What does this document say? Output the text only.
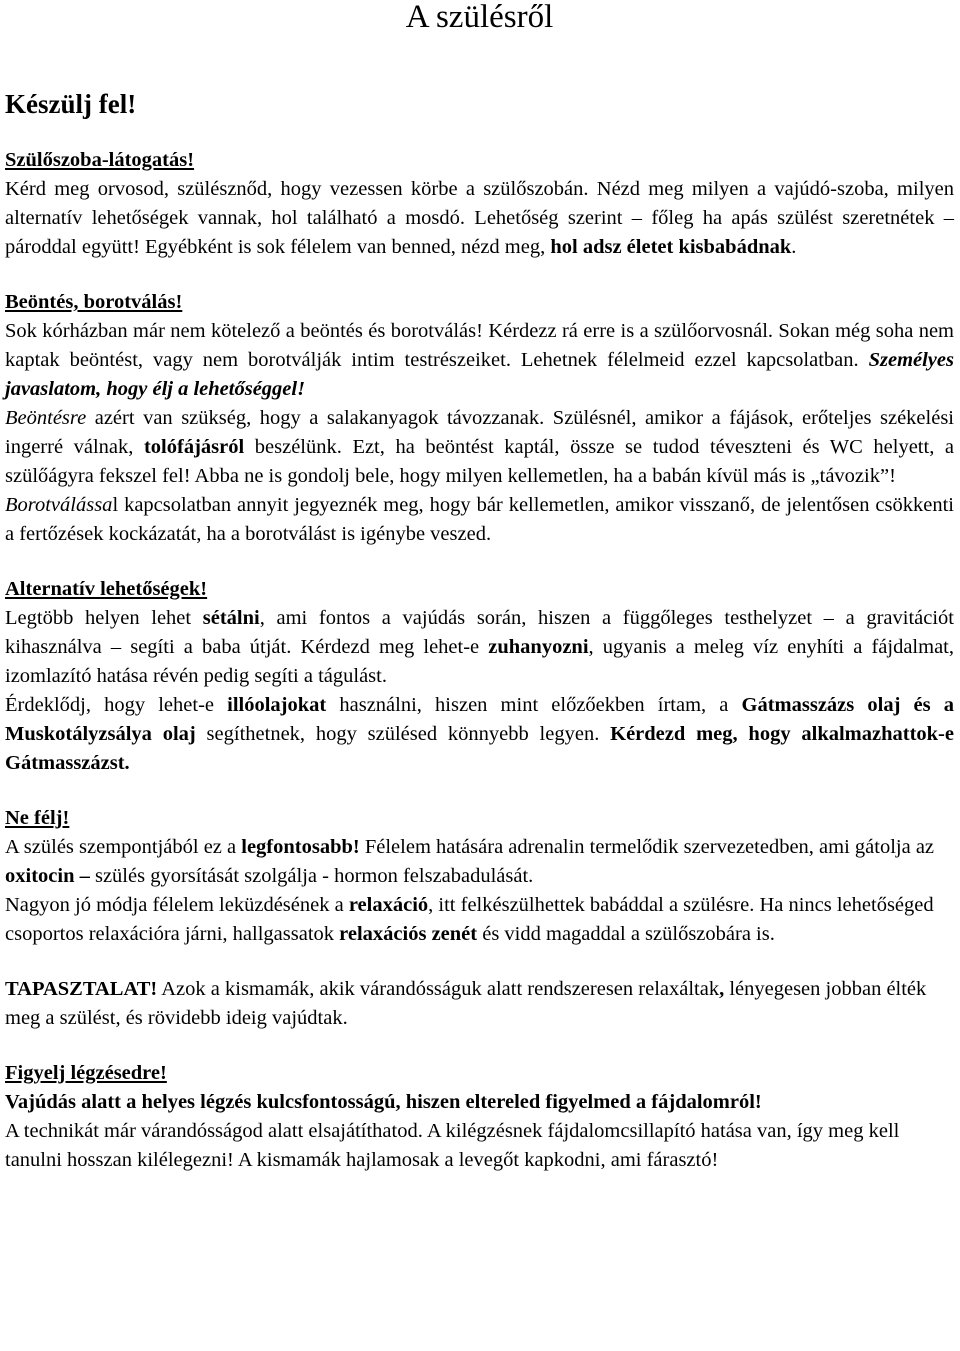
A szülésről
Készülj fel!
Szülőszoba-látogatás!

Kérd meg orvosod, szülésznőd, hogy vezessen körbe a szülőszobán. Nézd meg milyen a vajúdó-szoba, milyen alternatív lehetőségek vannak, hol található a mosdó. Lehetőség szerint – főleg ha apás szülést szeretnétek – pároddal együtt! Egyébként is sok félelem van benned, nézd meg, hol adsz életet kisbabádnak.

Beöntés, borotválás!

Sok kórházban már nem kötelező a beöntés és borotválás! Kérdezz rá erre is a szülőorvosnál. Sokan még soha nem kaptak beöntést, vagy nem borotválják intim testrészeiket. Lehetnek félelmeid ezzel kapcsolatban. Személyes javaslatom, hogy élj a lehetőséggel!

Beöntésre azért van szükség, hogy a salakanyagok távozzanak. Szülésnél, amikor a fájások, erőteljes székelési ingerré válnak, tolófájásról beszélünk. Ezt, ha beöntést kaptál, össze se tudod téveszteni és WC helyett, a szülőágyra fekszel fel! Abba ne is gondolj bele, hogy milyen kellemetlen, ha a babán kívül más is „távozik”!

Borotválással kapcsolatban annyit jegyeznék meg, hogy bár kellemetlen, amikor visszanő, de jelentősen csökkenti a fertőzések kockázatát, ha a borotválást is igénybe veszed.

Alternatív lehetőségek!

Legtöbb helyen lehet sétálni, ami fontos a vajúdás során, hiszen a függőleges testhelyzet – a gravitációt kihasználva – segíti a baba útját. Kérdezd meg lehet-e zuhanyozni, ugyanis a meleg víz enyhíti a fájdalmat, izomlazító hatása révén pedig segíti a tágulást.

Érdeklődj, hogy lehet-e illóolajokat használni, hiszen mint előzőekben írtam, a Gátmasszázs olaj és a Muskotályzsálya olaj segíthetnek, hogy szülésed könnyebb legyen. Kérdezd meg, hogy alkalmazhattok-e Gátmasszázst.

Ne félj!

A szülés szempontjából ez a legfontosabb! Félelem hatására adrenalin termelődik szervezetedben, ami gátolja az oxitocin – szülés gyorsítását szolgálja - hormon felszabadulását.

Nagyon jó módja félelem leküzdésének a relaxáció, itt felkészülhettek babáddal a szülésre. Ha nincs lehetőséged csoportos relaxációra járni, hallgassatok relaxációs zenét és vidd magaddal a szülőszobára is.

TAPASZTALAT! Azok a kismamák, akik várandósságuk alatt rendszeresen relaxáltak, lényegesen jobban élték meg a szülést, és rövidebb ideig vajúdtak.

Figyelj légzésedre!

Vajúdás alatt a helyes légzés kulcsfontosságú, hiszen eltereled figyelmed a fájdalomról!

A technikát már várandósságod alatt elsajátíthatod. A kilégzésnek fájdalomcsillapító hatása van, így meg kell tanulni hosszan kilélegezni! A kismamák hajlamosak a levegőt kapkodni, ami fárasztó!
